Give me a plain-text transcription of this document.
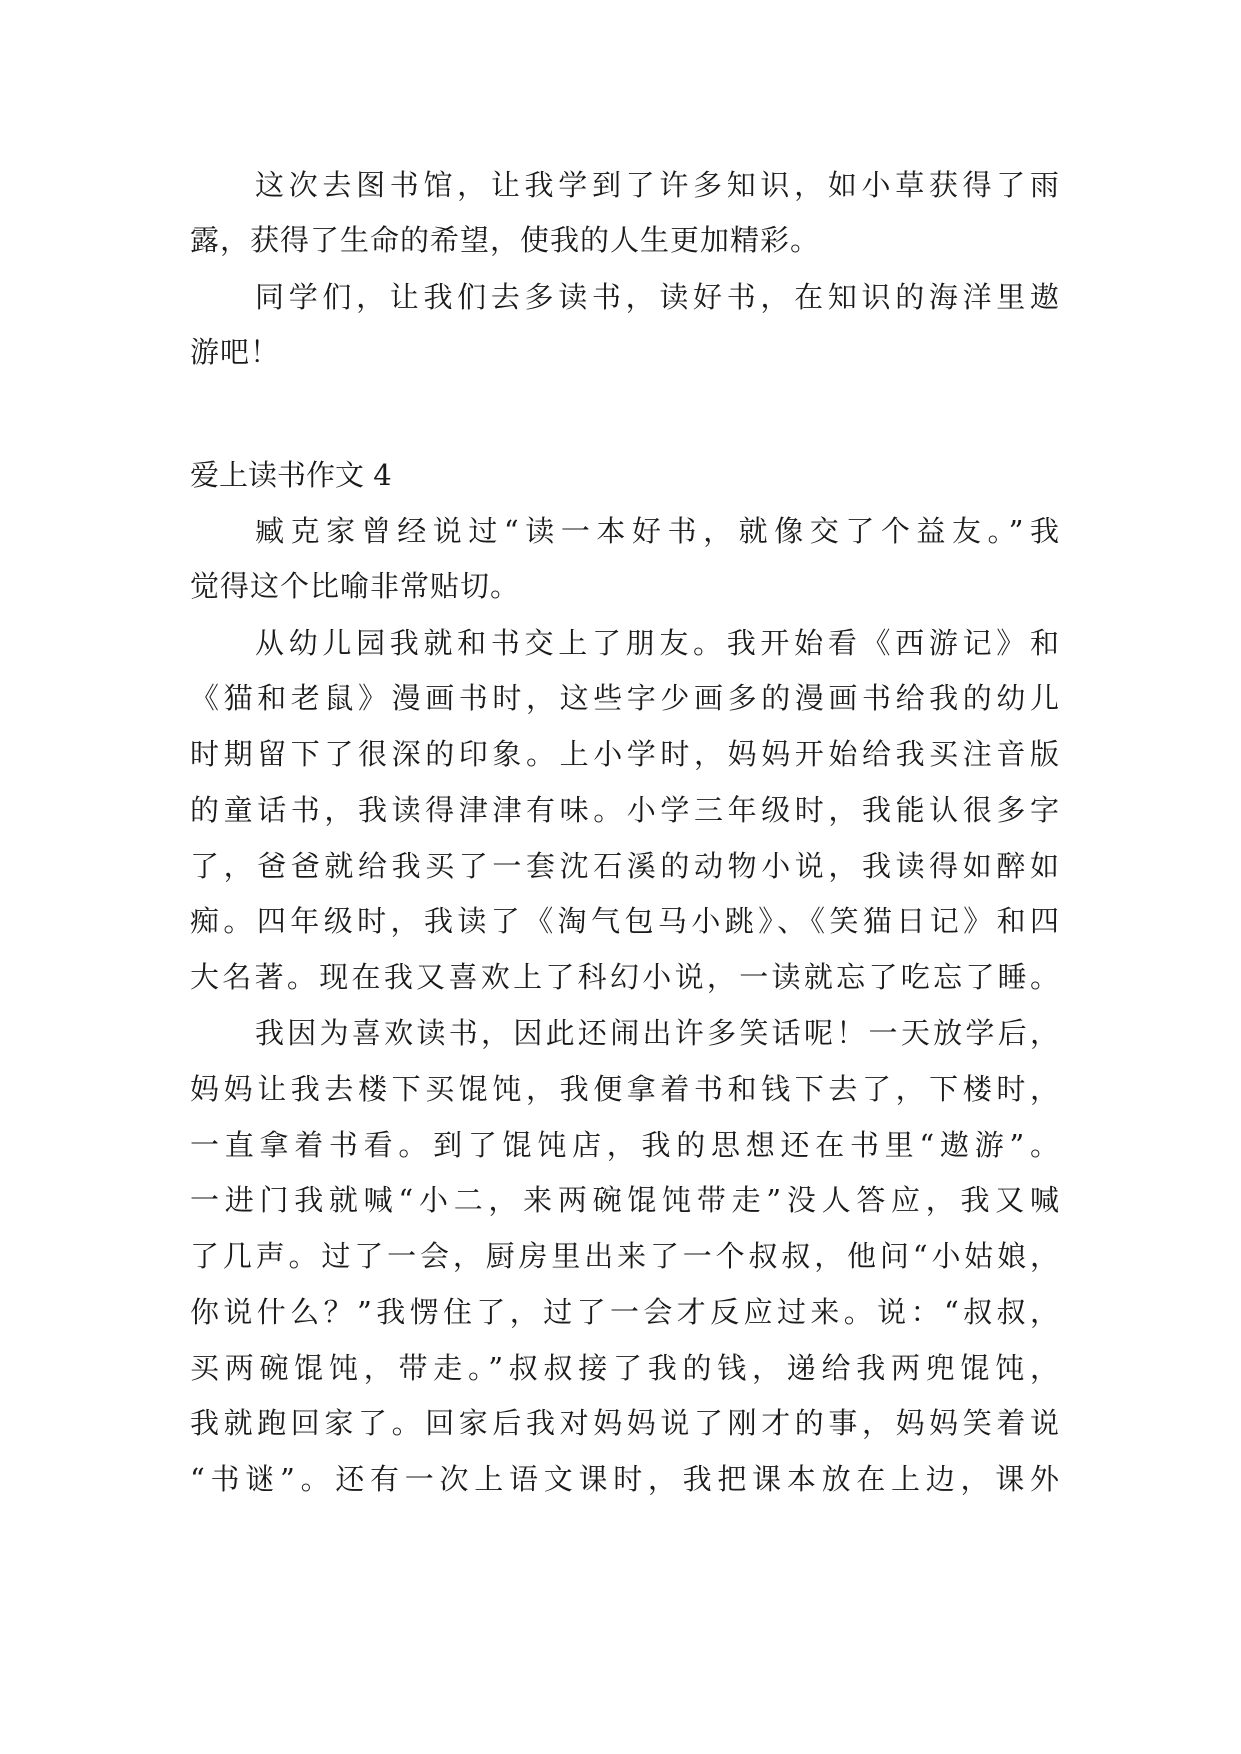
这次去图书馆，让我学到了许多知识，如小草获得了雨
露，获得了生命的希望，使我的人生更加精彩。
同学们，让我们去多读书，读好书，在知识的海洋里遨
游吧！
爱上读书作文 4
臧克家曾经说过“读一本好书，就像交了个益友。”我
觉得这个比喻非常贴切。
从幼儿园我就和书交上了朋友。我开始看《西游记》和
《猫和老鼠》漫画书时，这些字少画多的漫画书给我的幼儿
时期留下了很深的印象。上小学时，妈妈开始给我买注音版
的童话书，我读得津津有味。小学三年级时，我能认很多字
了，爸爸就给我买了一套沈石溪的动物小说，我读得如醉如
痴。四年级时，我读了《淘气包马小跳》、《笑猫日记》和四
大名著。现在我又喜欢上了科幻小说，一读就忘了吃忘了睡。
我因为喜欢读书，因此还闹出许多笑话呢！一天放学后，
妈妈让我去楼下买馄饨，我便拿着书和钱下去了，下楼时，
一直拿着书看。到了馄饨店，我的思想还在书里“遨游”。
一进门我就喊“小二，来两碗馄饨带走”没人答应，我又喊
了几声。过了一会，厨房里出来了一个叔叔，他问“小姑娘，
你说什么？”我愣住了，过了一会才反应过来。说：“叔叔，
买两碗馄饨，带走。”叔叔接了我的钱，递给我两兜馄饨，
我就跑回家了。回家后我对妈妈说了刚才的事，妈妈笑着说
“书谜”。还有一次上语文课时，我把课本放在上边，课外
